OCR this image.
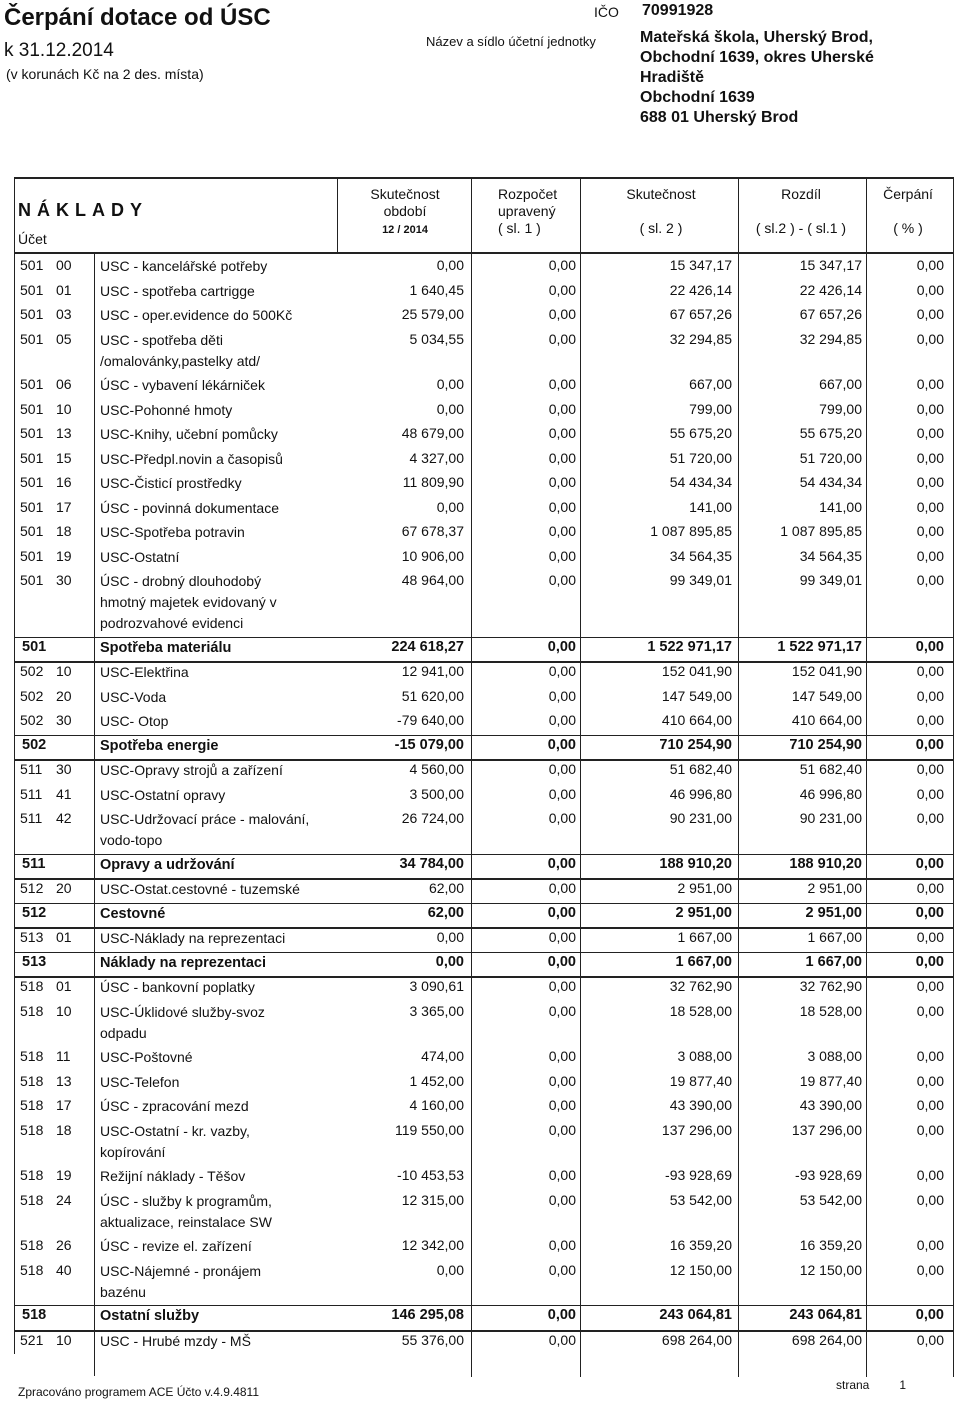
Čerpání dotace od ÚSC
k 31.12.2014
(v korunách Kč na 2 des. místa)
IČO 70991928
Název a sídlo účetní jednotky	Mateřská škola, Uherský Brod,
Obchodní 1639, okres Uherské
Hradiště
Obchodní 1639
688 01 Uherský Brod
NÁKLADY
Účet
Skutečnost
období
12 / 2014
Rozpočet
upravený
( sl. 1 )
Skutečnost
( sl. 2 )
Rozdíl
( sl.2 ) - ( sl.1 )
Čerpání
( % )
501 00	USC - kancelářské potřeby	0,00	0,00	15 347,17	15 347,17	0,00
501 01	USC - spotřeba cartrigge	1 640,45	0,00	22 426,14	22 426,14	0,00
501 03	USC - oper.evidence do 500Kč	25 579,00	0,00	67 657,26	67 657,26	0,00
501 05	USC - spotřeba děti
/omalovánky,pastelky atd/
5 034,55	0,00	32 294,85	32 294,85	0,00
501 06	ÚSC - vybavení lékárniček	0,00	0,00	667,00	667,00	0,00
501 10	USC-Pohonné hmoty	0,00	0,00	799,00	799,00	0,00
501 13	USC-Knihy, učební pomůcky	48 679,00	0,00	55 675,20	55 675,20	0,00
501 15	USC-Předpl.novin a časopisů	4 327,00	0,00	51 720,00	51 720,00	0,00
501 16	USC-Čisticí prostředky	11 809,90	0,00	54 434,34	54 434,34	0,00
501 17	ÚSC - povinná dokumentace	0,00	0,00	141,00	141,00	0,00
501 18	USC-Spotřeba potravin	67 678,37	0,00	1 087 895,85	1 087 895,85	0,00
501 19	USC-Ostatní	10 906,00	0,00	34 564,35	34 564,35	0,00
501 30	ÚSC - drobný dlouhodobý
hmotný majetek evidovaný v
podrozvahové evidenci
48 964,00	0,00	99 349,01	99 349,01	0,00
501	Spotřeba materiálu	224 618,27	0,00	1 522 971,17	1 522 971,17	0,00
502 10	USC-Elektřina	12 941,00	0,00	152 041,90	152 041,90	0,00
502 20	USC-Voda	51 620,00	0,00	147 549,00	147 549,00	0,00
502 30	USC- Otop	-79 640,00	0,00	410 664,00	410 664,00	0,00
502	Spotřeba energie	-15 079,00	0,00	710 254,90	710 254,90	0,00
511 30	USC-Opravy strojů a zařízení	4 560,00	0,00	51 682,40	51 682,40	0,00
511 41	USC-Ostatní opravy	3 500,00	0,00	46 996,80	46 996,80	0,00
511 42	USC-Udržovací práce - malování,
vodo-topo
26 724,00	0,00	90 231,00	90 231,00	0,00
511	Opravy a udržování	34 784,00	0,00	188 910,20	188 910,20	0,00
512 20	USC-Ostat.cestovné - tuzemské	62,00	0,00	2 951,00	2 951,00	0,00
512	Cestovné	62,00	0,00	2 951,00	2 951,00	0,00
513 01	USC-Náklady na reprezentaci	0,00	0,00	1 667,00	1 667,00	0,00
513	Náklady na reprezentaci	0,00	0,00	1 667,00	1 667,00	0,00
518 01	ÚSC - bankovní poplatky	3 090,61	0,00	32 762,90	32 762,90	0,00
518 10	USC-Úklidové služby-svoz
odpadu
3 365,00	0,00	18 528,00	18 528,00	0,00
518 11	USC-Poštovné	474,00	0,00	3 088,00	3 088,00	0,00
518 13	USC-Telefon	1 452,00	0,00	19 877,40	19 877,40	0,00
518 17	ÚSC - zpracování mezd	4 160,00	0,00	43 390,00	43 390,00	0,00
518 18	USC-Ostatní - kr. vazby,
kopírování
119 550,00	0,00	137 296,00	137 296,00	0,00
518 19	Režijní náklady - Těšov	-10 453,53	0,00	-93 928,69	-93 928,69	0,00
518 24	ÚSC - služby k programům,
aktualizace, reinstalace SW
12 315,00	0,00	53 542,00	53 542,00	0,00
518 26	ÚSC - revize el. zařízení	12 342,00	0,00	16 359,20	16 359,20	0,00
518 40	USC-Nájemné - pronájem
bazénu
0,00	0,00	12 150,00	12 150,00	0,00
518	Ostatní služby	146 295,08	0,00	243 064,81	243 064,81	0,00
521 10	USC - Hrubé mzdy - MŠ	55 376,00	0,00	698 264,00	698 264,00	0,00
Zpracováno programem ACE Účto v.4.9.4811	strana	1
